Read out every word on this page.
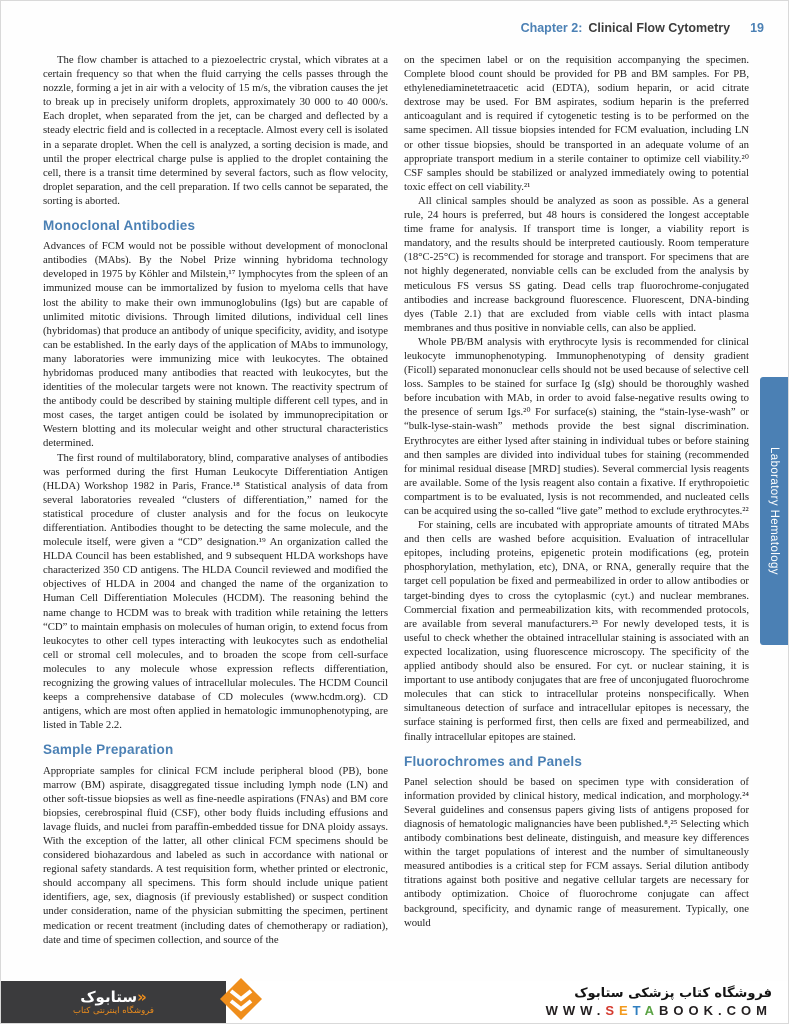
Chapter 2: Clinical Flow Cytometry 19

The flow chamber is attached to a piezoelectric crystal, which vibrates at a certain frequency so that when the fluid carrying the cells passes through the nozzle, forming a jet in air with a velocity of 15 m/s, the vibration causes the jet to break up in precisely uniform droplets, approximately 30 000 to 40 000/s. Each droplet, when separated from the jet, can be charged and deflected by a steady electric field and is collected in a receptacle. Almost every cell is isolated in a separate droplet. When the cell is analyzed, a sorting decision is made, and until the proper electrical charge pulse is applied to the droplet containing the cell, there is a transit time determined by several factors, such as flow velocity, droplet separation, and the cell preparation. If two cells cannot be separated, the sorting is aborted.

Monoclonal Antibodies

Advances of FCM would not be possible without development of monoclonal antibodies (MAbs). By the Nobel Prize winning hybridoma technology developed in 1975 by Köhler and Milstein,¹⁷ lymphocytes from the spleen of an immunized mouse can be immortalized by fusion to myeloma cells that have lost the ability to make their own immunoglobulins (Igs) but are capable of unlimited mitotic divisions. Through limited dilutions, individual cell lines (hybridomas) that produce an antibody of unique specificity, avidity, and isotype can be established. In the early days of the application of MAbs to immunology, many laboratories were immunizing mice with leukocytes. The obtained hybridomas produced many antibodies that reacted with leukocytes, but the identities of the molecular targets were not known. The reactivity spectrum of the antibody could be described by staining multiple different cell types, and in most cases, the target antigen could be isolated by immunoprecipitation or Western blotting and its molecular weight and other structural characteristics determined.

The first round of multilaboratory, blind, comparative analyses of antibodies was performed during the first Human Leukocyte Differentiation Antigen (HLDA) Workshop 1982 in Paris, France.¹⁸ Statistical analysis of data from several laboratories revealed “clusters of differentiation,” named for the statistical procedure of cluster analysis and for the focus on leukocyte differentiation. Antibodies thought to be detecting the same molecule, and the molecule itself, were given a “CD” designation.¹⁹ An organization called the HLDA Council has been established, and 9 subsequent HLDA workshops have characterized 350 CD antigens. The HLDA Council reviewed and modified the objectives of HLDA in 2004 and changed the name of the organization to Human Cell Differentiation Molecules (HCDM). The reasoning behind the name change to HCDM was to break with tradition while retaining the letters “CD” to maintain emphasis on molecules of human origin, to extend focus from leukocytes to other cell types interacting with leukocytes such as endothelial cell or stromal cell molecules, and to broaden the scope from cell-surface molecules to any molecule whose expression reflects differentiation, recognizing the growing values of intracellular molecules. The HCDM Council keeps a comprehensive database of CD molecules (www.hcdm.org). CD antigens, which are most often applied in hematologic immunophenotyping, are listed in Table 2.2.

Sample Preparation

Appropriate samples for clinical FCM include peripheral blood (PB), bone marrow (BM) aspirate, disaggregated tissue including lymph node (LN) and other soft-tissue biopsies as well as fine-needle aspirations (FNAs) and BM core biopsies, cerebrospinal fluid (CSF), other body fluids including effusions and lavage fluids, and nuclei from paraffin-embedded tissue for DNA ploidy assays. With the exception of the latter, all other clinical FCM specimens should be considered biohazardous and labeled as such in accordance with national or regional safety standards. A test requisition form, whether printed or electronic, should accompany all specimens. This form should include unique patient identifiers, age, sex, diagnosis (if previously established) or suspect condition under consideration, name of the physician submitting the specimen, pertinent medication or recent treatment (including dates of chemotherapy or radiation), date and time of specimen collection, and source of the

on the specimen label or on the requisition accompanying the specimen. Complete blood count should be provided for PB and BM samples. For PB, ethylenediaminetetraacetic acid (EDTA), sodium heparin, or acid citrate dextrose may be used. For BM aspirates, sodium heparin is the preferred anticoagulant and is required if cytogenetic testing is to be performed on the same specimen. All tissue biopsies intended for FCM evaluation, including LN or other tissue biopsies, should be transported in an adequate volume of an appropriate transport medium in a sterile container to optimize cell viability.²⁰ CSF samples should be stabilized or analyzed immediately owing to potential toxic effect on cell viability.²¹

All clinical samples should be analyzed as soon as possible. As a general rule, 24 hours is preferred, but 48 hours is considered the longest acceptable time frame for analysis. If transport time is longer, a viability report is mandatory, and the results should be interpreted cautiously. Room temperature (18°C-25°C) is recommended for storage and transport. For specimens that are not highly degenerated, nonviable cells can be excluded from the analysis by meticulous FS versus SS gating. Dead cells trap fluorochrome-conjugated antibodies and increase background fluorescence. Fluorescent, DNA-binding dyes (Table 2.1) that are excluded from viable cells with intact plasma membranes and thus positive in nonviable cells, can also be applied.

Whole PB/BM analysis with erythrocyte lysis is recommended for clinical leukocyte immunophenotyping. Immunophenotyping of density gradient (Ficoll) separated mononuclear cells should not be used because of selective cell loss. Samples to be stained for surface Ig (sIg) should be thoroughly washed before incubation with MAb, in order to avoid false-negative results owing to the presence of serum Igs.²⁰ For surface(s) staining, the “stain-lyse-wash” or “bulk-lyse-stain-wash” methods provide the best signal discrimination. Erythrocytes are either lysed after staining in individual tubes or before staining and then samples are divided into individual tubes for staining (recommended for minimal residual disease [MRD] studies). Several commercial lysis reagents are available. Some of the lysis reagent also contain a fixative. If erythropoietic compartment is to be evaluated, lysis is not recommended, and nucleated cells can be acquired using the so-called “live gate” method to exclude erythrocytes.²²

For staining, cells are incubated with appropriate amounts of titrated MAbs and then cells are washed before acquisition. Evaluation of intracellular epitopes, including proteins, epigenetic protein modifications (eg, protein phosphorylation, methylation, etc), DNA, or RNA, generally require that the target cell population be fixed and permeabilized in order to allow antibodies or target-binding dyes to cross the cytoplasmic (cyt.) and nuclear membranes. Commercial fixation and permeabilization kits, with recommended protocols, are available from several manufacturers.²³ For newly developed tests, it is useful to check whether the obtained intracellular staining is associated with an expected localization, using fluorescence microscopy. The specificity of the applied antibody should also be ensured. For cyt. or nuclear staining, it is important to use antibody conjugates that are free of unconjugated fluorochrome molecules that can stick to intracellular proteins nonspecifically. When simultaneous detection of surface and intracellular epitopes is necessary, the surface staining is performed first, then cells are fixed and permeabilized, and finally intracellular epitopes are stained.

Fluorochromes and Panels

Panel selection should be based on specimen type with consideration of information provided by clinical history, medical indication, and morphology.²⁴ Several guidelines and consensus papers giving lists of antigens proposed for diagnosis of hematologic malignancies have been published.⁸,²⁵ Selecting which antibody combinations best delineate, distinguish, and measure key differences within the target populations of interest and the number of simultaneously measured antibodies is a critical step for FCM assays. Serial dilution antibody titrations against both positive and negative cellular targets are necessary for antibody optimization. Choice of fluorochrome conjugate can affect background, specificity, and dynamic range of measurement. Typically, one would

Laboratory Hematology
«ستابوک
فروشگاه اینترنتی کتاب
فروشگاه کتاب پزشکی ستابوک
WWW.SETABOOK.COM
